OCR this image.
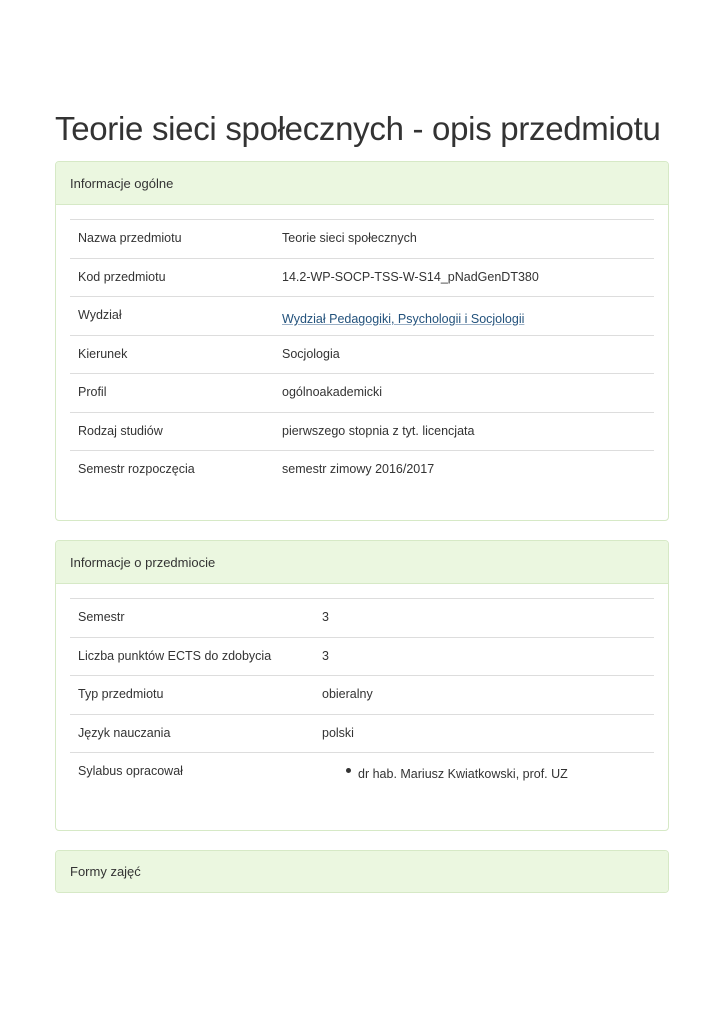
Teorie sieci społecznych - opis przedmiotu
Informacje ogólne
Nazwa przedmiotu	Teorie sieci społecznych
Kod przedmiotu	14.2-WP-SOCP-TSS-W-S14_pNadGenDT380
Wydział	Wydział Pedagogiki, Psychologii i Socjologii
Kierunek	Socjologia
Profil	ogólnoakademicki
Rodzaj studiów	pierwszego stopnia z tyt. licencjata
Semestr rozpoczęcia	semestr zimowy 2016/2017
Informacje o przedmiocie
Semestr	3
Liczba punktów ECTS do zdobycia	3
Typ przedmiotu	obieralny
Język nauczania	polski
Sylabus opracował	dr hab. Mariusz Kwiatkowski, prof. UZ
Formy zajęć
